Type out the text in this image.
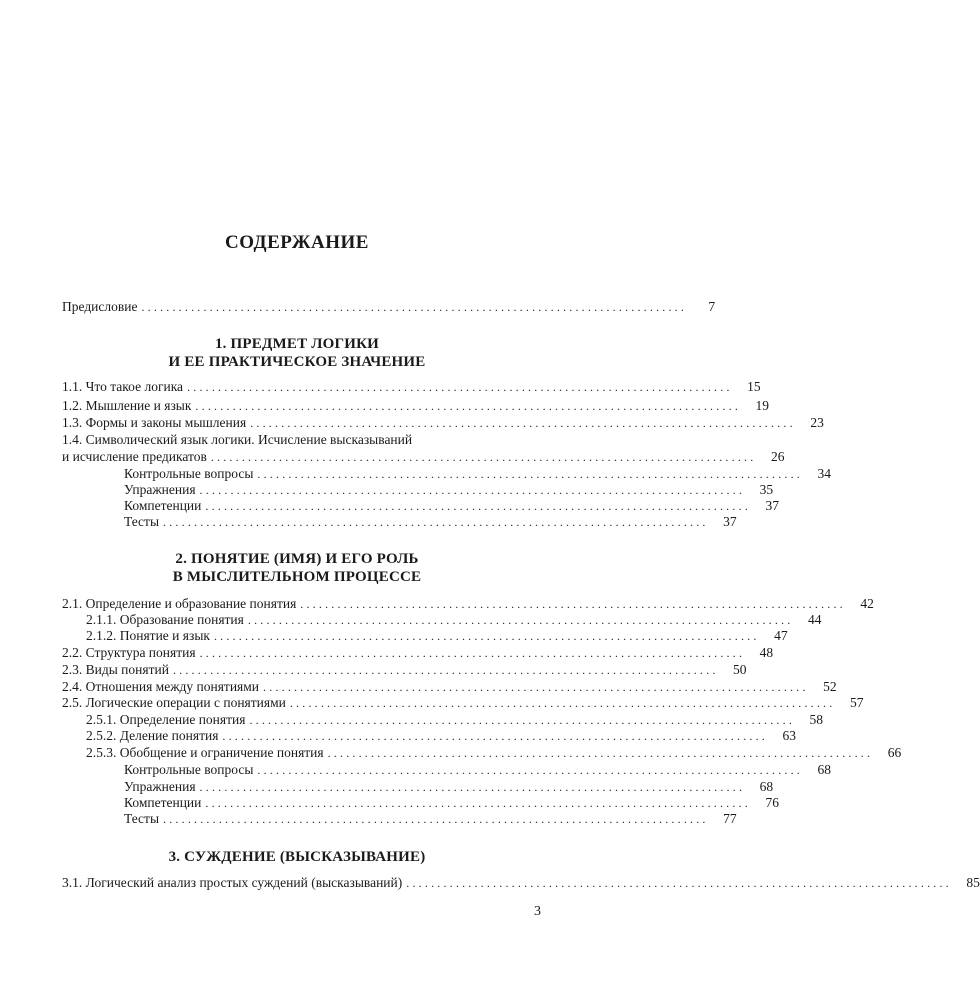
СОДЕРЖАНИЕ
Предисловие ........................................................................................	7
1. ПРЕДМЕТ ЛОГИКИ
И ЕЕ ПРАКТИЧЕСКОЕ ЗНАЧЕНИЕ
1.1. Что такое логика ........................................................................................	15
1.2. Мышление и язык ........................................................................................	19
1.3. Формы и законы мышления ........................................................................................	23
1.4. Символический язык логики. Исчисление высказываний
и исчисление предикатов ........................................................................................	26
Контрольные вопросы ........................................................................................	34
Упражнения ........................................................................................	35
Компетенции ........................................................................................	37
Тесты ........................................................................................	37
2. ПОНЯТИЕ (ИМЯ) И ЕГО РОЛЬ
В МЫСЛИТЕЛЬНОМ ПРОЦЕССЕ
2.1. Определение и образование понятия ........................................................................................	42
2.1.1. Образование понятия ........................................................................................	44
2.1.2. Понятие и язык ........................................................................................	47
2.2. Структура понятия ........................................................................................	48
2.3. Виды понятий ........................................................................................	50
2.4. Отношения между понятиями ........................................................................................	52
2.5. Логические операции с понятиями ........................................................................................	57
2.5.1. Определение понятия ........................................................................................	58
2.5.2. Деление понятия ........................................................................................	63
2.5.3. Обобщение и ограничение понятия ........................................................................................	66
Контрольные вопросы ........................................................................................	68
Упражнения ........................................................................................	68
Компетенции ........................................................................................	76
Тесты ........................................................................................	77
3. СУЖДЕНИЕ (ВЫСКАЗЫВАНИЕ)
3.1. Логический анализ простых суждений (высказываний) ........................................................................................	85
3
